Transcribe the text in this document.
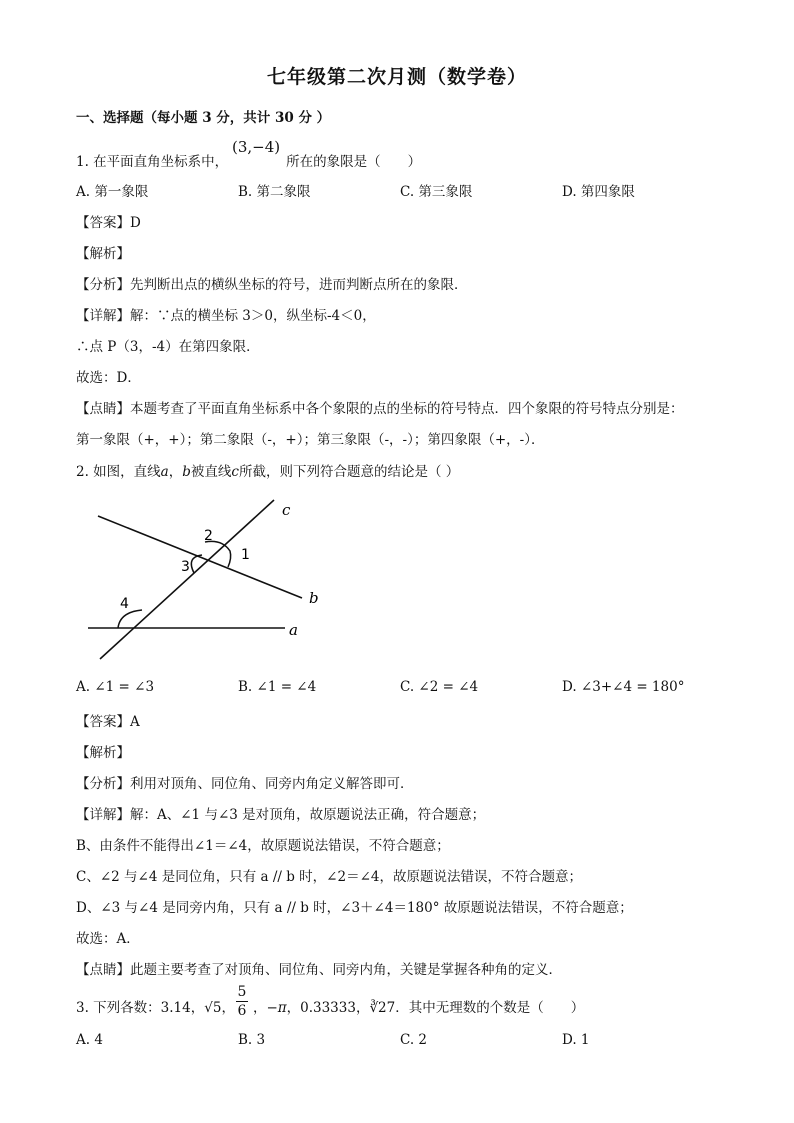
七年级第二次月测（数学卷）
一、选择题（每小题 3 分，共计 30 分 ）
1. 在平面直角坐标系中，	所在的象限是（　　）
(3,−4)
A. 第一象限	B. 第二象限	C. 第三象限	D. 第四象限
【答案】D
【解析】
【分析】先判断出点的横纵坐标的符号，进而判断点所在的象限．
【详解】解：∵点的横坐标 3＞0，纵坐标-4＜0，
∴点 P（3，-4）在第四象限．
故选：D．
【点睛】本题考查了平面直角坐标系中各个象限的点的坐标的符号特点．四个象限的符号特点分别是：
第一象限（+，+）；第二象限（-，+）；第三象限（-，-）；第四象限（+，-）．
2. 如图，直线a，b被直线c所截，则下列符合题意的结论是（ ）
c
b
a
1
2
3
4
A. ∠1 = ∠3	B. ∠1 = ∠4	C. ∠2 = ∠4	D. ∠3+∠4 = 180°
【答案】A
【解析】
【分析】利用对顶角、同位角、同旁内角定义解答即可．
【详解】解：A、∠1 与∠3 是对顶角，故原题说法正确，符合题意；
B、由条件不能得出∠1＝∠4，故原题说法错误，不符合题意；
C、∠2 与∠4 是同位角，只有 a // b 时，∠2＝∠4，故原题说法错误，不符合题意；
D、∠3 与∠4 是同旁内角，只有 a // b 时，∠3＋∠4＝180° 故原题说法错误，不符合题意；
故选：A．
【点睛】此题主要考查了对顶角、同位角、同旁内角，关键是掌握各种角的定义．
3. 下列各数：3.14，√5， ，−π，0.33333，∛27．其中无理数的个数是（　　）
5
6
A. 4	B. 3	C. 2	D. 1
